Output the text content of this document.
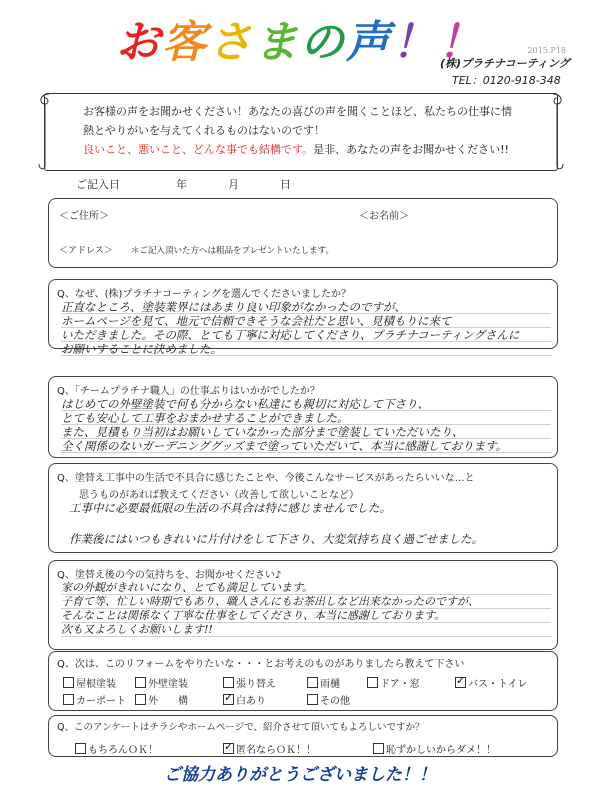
お客さまの声！！	2015.P18
(株)プラチナコーティング
TEL：0120-918-348
お客様の声をお聞かせください！あなたの喜びの声を聞くことほど、私たちの仕事に情
熱とやりがいを与えてくれるものはないのです！
良いこと、悪いこと、どんな事でも結構です。是非、あなたの声をお聞かせください!!
ご記入日	年	月	日
＜ご住所＞	＜お名前＞
＜アドレス＞ ＊ご記入頂いた方へは粗品をプレゼントいたします。
Q、なぜ、(株)プラチナコーティングを選んでくださいましたか？
正直なところ、塗装業界にはあまり良い印象がなかったのですが、
ホームページを見て、地元で信頼できそうな会社だと思い、見積もりに来て
いただきました。その際、とても丁寧に対応してくださり、プラチナコーティングさんに
お願いすることに決めました。
Q、「チームプラチナ職人」の仕事ぶりはいかがでしたか？
はじめての外壁塗装で何も分からない私達にも親切に対応して下さり、
とても安心して工事をおまかせすることができました。
また、見積もり当初はお願いしていなかった部分まで塗装していただいたり、
全く関係のないガーデニンググッズまで塗っていただいて、本当に感謝しております。
Q、塗替え工事中の生活で不具合に感じたことや、今後こんなサービスがあったらいいな…と
思うものがあれば教えてください（改善して欲しいことなど）
工事中に必要最低限の生活の不具合は特に感じませんでした。
作業後にはいつもきれいに片付けをして下さり、大変気持ち良く過ごせました。
Q、塗替え後の今の気持ちを、お聞かせください♪
家の外観がきれいになり、とても満足しています。
子育て等、忙しい時期でもあり、職人さんにもお茶出しなど出来なかったのですが、
そんなことは関係なく丁寧な仕事をしてくださり、本当に感謝しております。
次も又よろしくお願いします!!
Q、次は、このリフォームをやりたいな・・・とお考えのものがありましたら教えて下さい
屋根塗装	外壁塗装	張り替え	雨樋	ドア・窓 ✓	バス・トイレ
カーポート 外　　構 ✓	白あり	その他
Q、このアンケートはチラシやホームページで、紹介させて頂いてもよろしいですか？
もちろんＯＫ！ ✓	匿名ならＯＫ！！	恥ずかしいからダメ！！
ご協力ありがとうございました！！
